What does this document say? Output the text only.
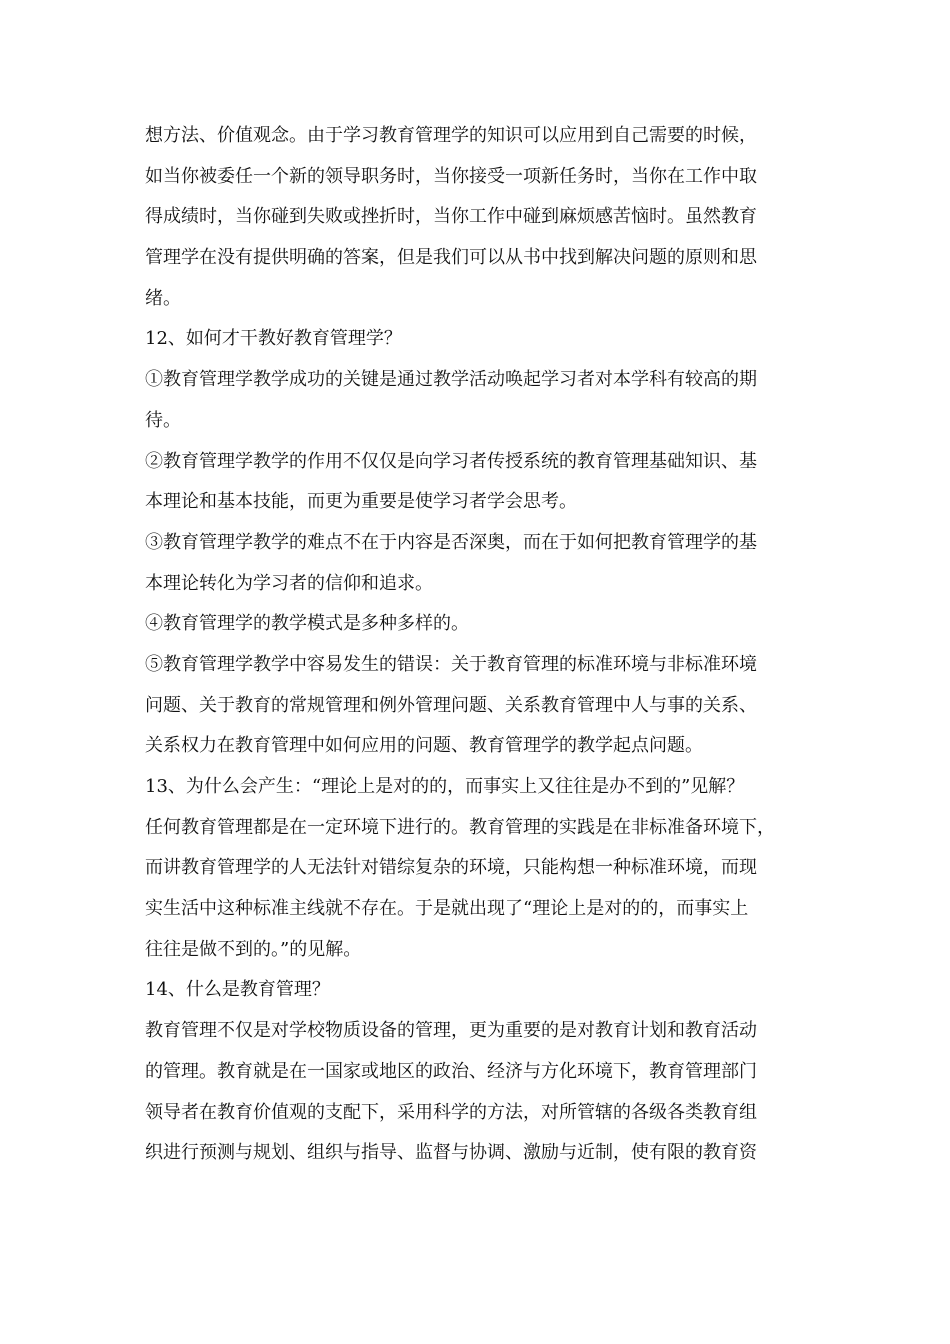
想方法、价值观念。由于学习教育管理学的知识可以应用到自己需要的时候，
如当你被委任一个新的领导职务时，当你接受一项新任务时，当你在工作中取
得成绩时，当你碰到失败或挫折时，当你工作中碰到麻烦感苦恼时。虽然教育
管理学在没有提供明确的答案，但是我们可以从书中找到解决问题的原则和思
绪。
12、如何才干教好教育管理学？
①教育管理学教学成功的关键是通过教学活动唤起学习者对本学科有较高的期
待。
②教育管理学教学的作用不仅仅是向学习者传授系统的教育管理基础知识、基
本理论和基本技能，而更为重要是使学习者学会思考。
③教育管理学教学的难点不在于内容是否深奥，而在于如何把教育管理学的基
本理论转化为学习者的信仰和追求。
④教育管理学的教学模式是多种多样的。
⑤教育管理学教学中容易发生的错误：关于教育管理的标准环境与非标准环境
问题、关于教育的常规管理和例外管理问题、关系教育管理中人与事的关系、
关系权力在教育管理中如何应用的问题、教育管理学的教学起点问题。
13、为什么会产生：“理论上是对的的，而事实上又往往是办不到的”见解？
任何教育管理都是在一定环境下进行的。教育管理的实践是在非标准备环境下，
而讲教育管理学的人无法针对错综复杂的环境，只能构想一种标准环境，而现
实生活中这种标准主线就不存在。于是就出现了“理论上是对的的，而事实上
往往是做不到的。”的见解。
14、什么是教育管理？
教育管理不仅是对学校物质设备的管理，更为重要的是对教育计划和教育活动
的管理。教育就是在一国家或地区的政治、经济与方化环境下，教育管理部门
领导者在教育价值观的支配下，采用科学的方法，对所管辖的各级各类教育组
织进行预测与规划、组织与指导、监督与协调、激励与近制，使有限的教育资
